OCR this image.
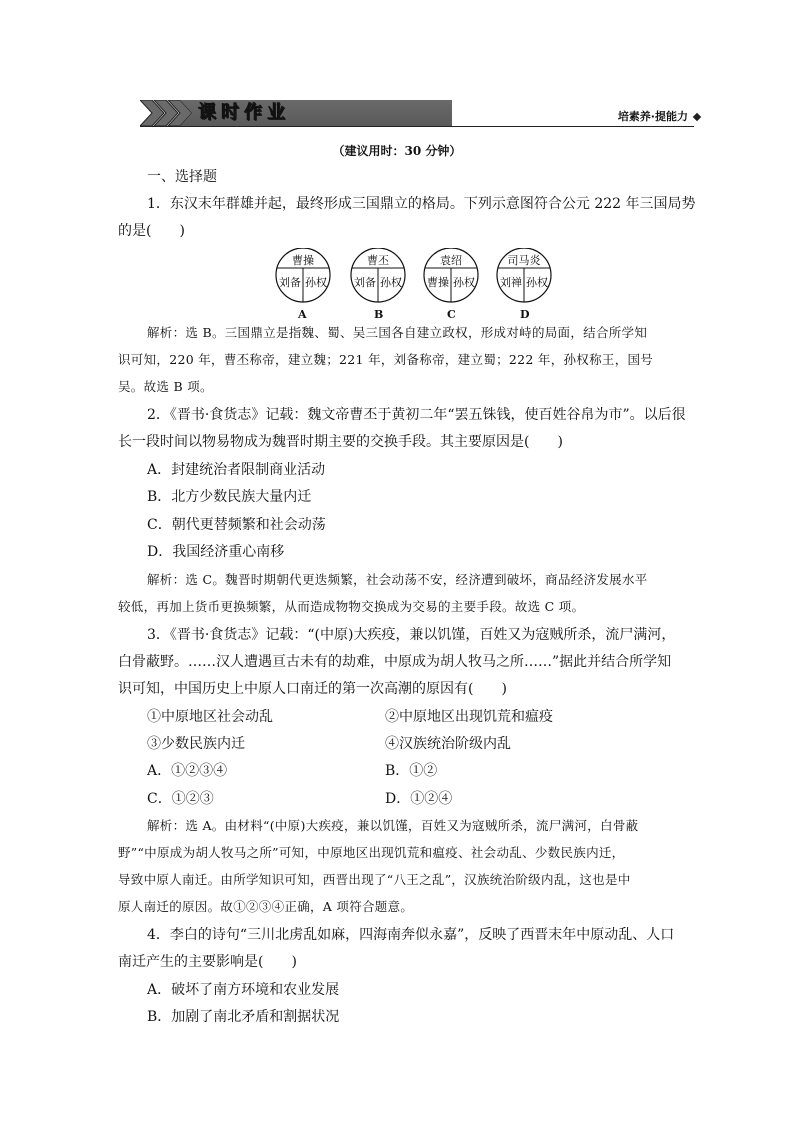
课时作业	培素养·提能力
（建议用时：30 分钟）
一、选择题
1．东汉末年群雄并起，最终形成三国鼎立的格局。下列示意图符合公元 222 年三国局势
的是(　　)
曹操
刘备 孙权
曹丕
刘备 孙权
袁绍
曹操 孙权
司马炎
刘禅 孙权
A	B	C	D
解析：选 B。三国鼎立是指魏、蜀、吴三国各自建立政权，形成对峙的局面，结合所学知
识可知，220 年，曹丕称帝，建立魏；221 年，刘备称帝，建立蜀；222 年，孙权称王，国号
吴。故选 B 项。
2．《晋书·食货志》记载：魏文帝曹丕于黄初二年“罢五铢钱，使百姓谷帛为市”。以后很
长一段时间以物易物成为魏晋时期主要的交换手段。其主要原因是(　　)
A．封建统治者限制商业活动
B．北方少数民族大量内迁
C．朝代更替频繁和社会动荡
D．我国经济重心南移
解析：选 C。魏晋时期朝代更迭频繁，社会动荡不安，经济遭到破坏，商品经济发展水平
较低，再加上货币更换频繁，从而造成物物交换成为交易的主要手段。故选 C 项。
3．《晋书·食货志》记载：“(中原)大疾疫，兼以饥馑，百姓又为寇贼所杀，流尸满河，
白骨蔽野。……汉人遭遇亘古未有的劫难，中原成为胡人牧马之所……”据此并结合所学知
识可知，中国历史上中原人口南迁的第一次高潮的原因有(　　)
①中原地区社会动乱	②中原地区出现饥荒和瘟疫
③少数民族内迁	④汉族统治阶级内乱
A．①②③④	B．①②
C．①②③	D．①②④
解析：选 A。由材料“(中原)大疾疫，兼以饥馑，百姓又为寇贼所杀，流尸满河，白骨蔽
野”“中原成为胡人牧马之所”可知，中原地区出现饥荒和瘟疫、社会动乱、少数民族内迁，
导致中原人南迁。由所学知识可知，西晋出现了“八王之乱”，汉族统治阶级内乱，这也是中
原人南迁的原因。故①②③④正确，A 项符合题意。
4．李白的诗句“三川北虏乱如麻，四海南奔似永嘉”，反映了西晋末年中原动乱、人口
南迁产生的主要影响是(　　)
A．破坏了南方环境和农业发展
B．加剧了南北矛盾和割据状况
